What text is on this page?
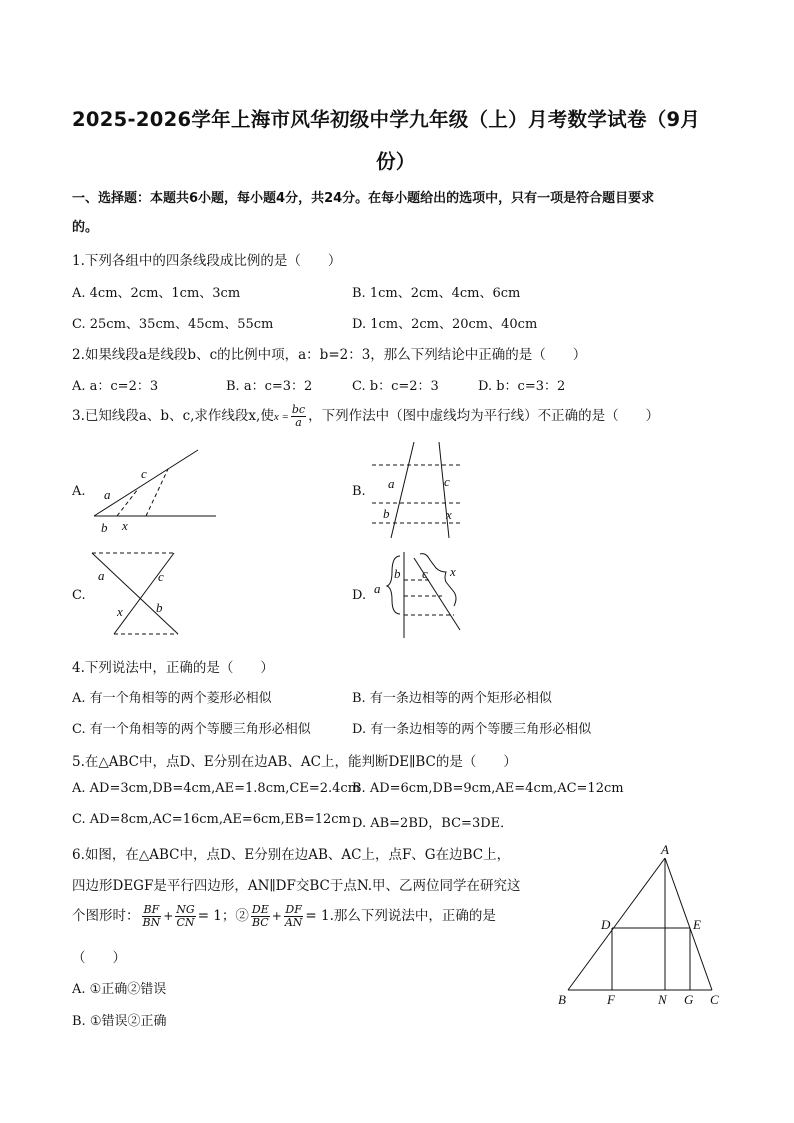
2025-2026学年上海市风华初级中学九年级（上）月考数学试卷（9月
份）
一、选择题：本题共6小题，每小题4分，共24分。在每小题给出的选项中，只有一项是符合题目要求
的。
1.下列各组中的四条线段成比例的是（　　）
A. 4cm、2cm、1cm、3cm	B. 1cm、2cm、4cm、6cm
C. 25cm、35cm、45cm、55cm	D. 1cm、2cm、20cm、40cm
2.如果线段a是线段b、c的比例中项，a：b=2：3，那么下列结论中正确的是（　　）
A. a：c=2：3	B. a：c=3：2	C. b：c=2：3	D. b：c=3：2
3.已知线段a、b、c,求作线段x,使$x = \frac{bc}{a}$ ，下列作法中（图中虚线均为平行线）不正确的是（　　）
A.	B.
C.	D.
a
c
b x
a	c
b	x
a	c
x	b
a
b c x
4.下列说法中，正确的是（　　）
A. 有一个角相等的两个菱形必相似	B. 有一条边相等的两个矩形必相似
C. 有一个角相等的两个等腰三角形必相似	D. 有一条边相等的两个等腰三角形必相似
5.在△ABC中，点D、E分别在边AB、AC上，能判断DE∥BC的是（　　）
A. AD=3cm,DB=4cm,AE=1.8cm,CE=2.4cm
B. AD=6cm,DB=9cm,AE=4cm,AC=12cm
C. AD=8cm,AC=16cm,AE=6cm,EB=12cm D. AB=2BD，BC=3DE．
6.如图，在△ABC中，点D、E分别在边AB、AC上，点F、G在边BC上，
四边形DEGF是平行四边形，AN∥DF交BC于点N.甲、乙两位同学在研究这
个图形时： $\frac{BF}{BN} + \frac{NG}{CN} = 1$；② $\frac{DE}{BC} + \frac{DF}{AN} = 1$.那么下列说法中，正确的是
（　　）
A. ①正确②错误
B. ①错误②正确
A
D	E
B	F	N G C
